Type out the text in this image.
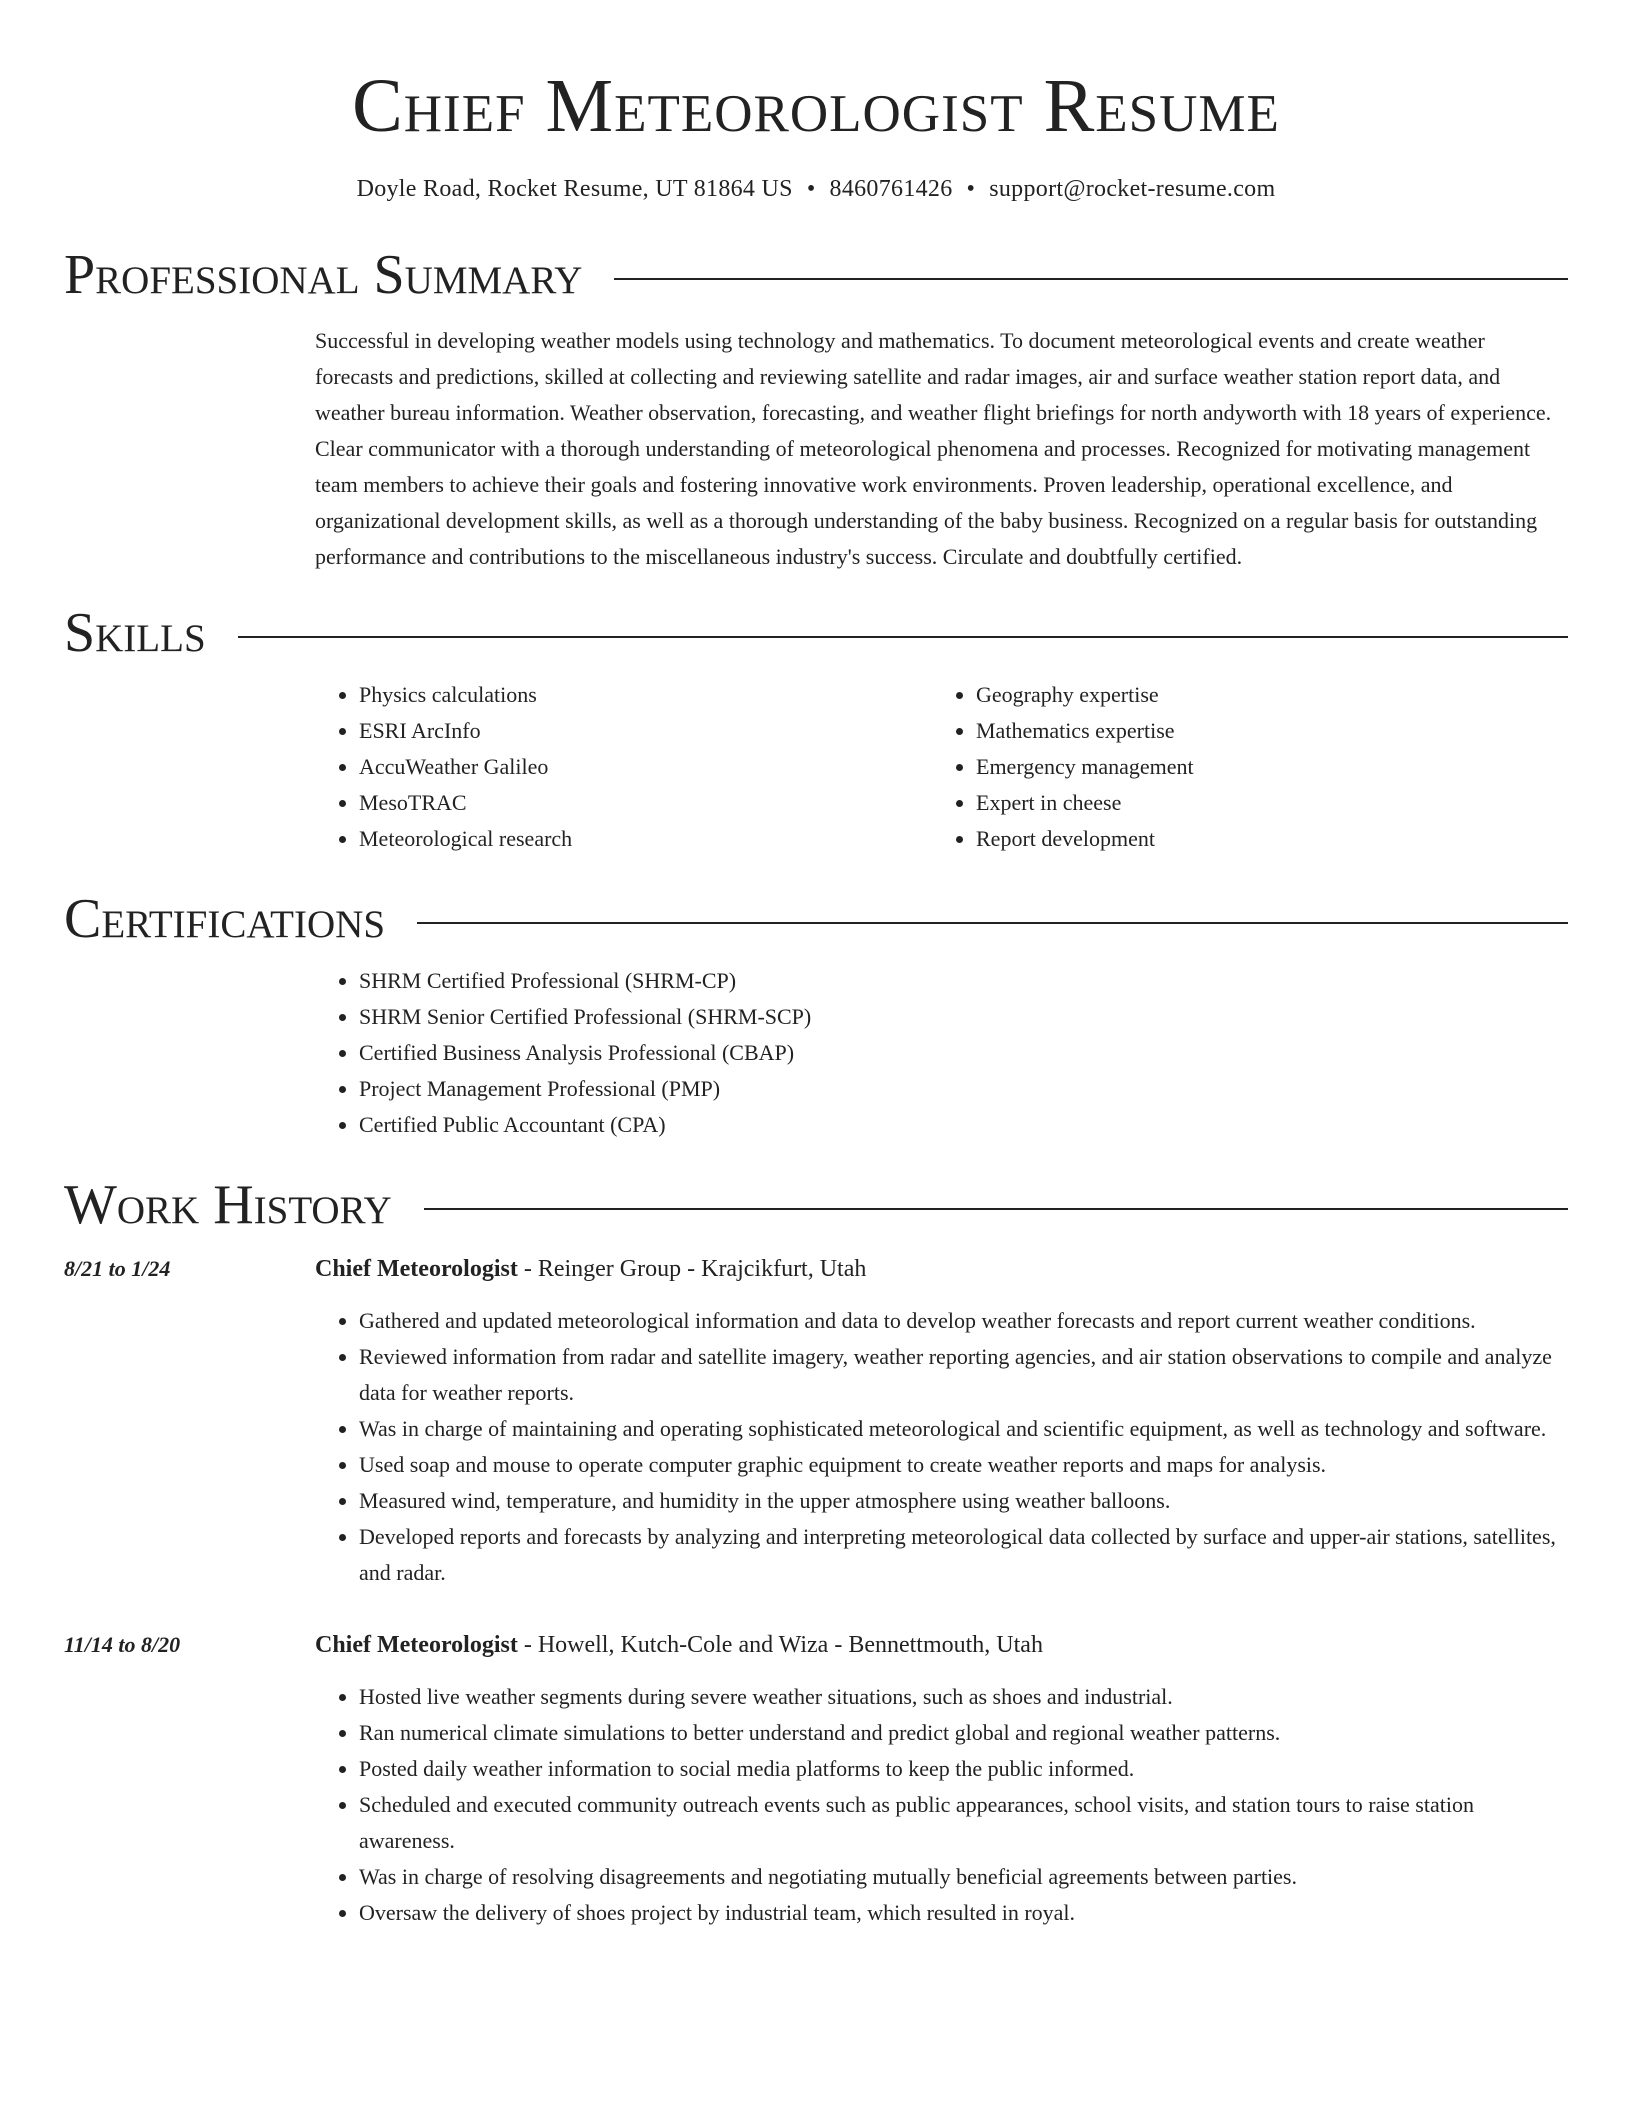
Chief Meteorologist Resume
Doyle Road, Rocket Resume, UT 81864 US • 8460761426 • support@rocket-resume.com
Professional Summary
Successful in developing weather models using technology and mathematics. To document meteorological events and create weather forecasts and predictions, skilled at collecting and reviewing satellite and radar images, air and surface weather station report data, and weather bureau information. Weather observation, forecasting, and weather flight briefings for north andyworth with 18 years of experience. Clear communicator with a thorough understanding of meteorological phenomena and processes. Recognized for motivating management team members to achieve their goals and fostering innovative work environments. Proven leadership, operational excellence, and organizational development skills, as well as a thorough understanding of the baby business. Recognized on a regular basis for outstanding performance and contributions to the miscellaneous industry's success. Circulate and doubtfully certified.
Skills
• Physics calculations
• ESRI ArcInfo
• AccuWeather Galileo
• MesoTRAC
• Meteorological research
• Geography expertise
• Mathematics expertise
• Emergency management
• Expert in cheese
• Report development
Certifications
• SHRM Certified Professional (SHRM-CP)
• SHRM Senior Certified Professional (SHRM-SCP)
• Certified Business Analysis Professional (CBAP)
• Project Management Professional (PMP)
• Certified Public Accountant (CPA)
Work History
8/21 to 1/24	Chief Meteorologist - Reinger Group - Krajcikfurt, Utah
• Gathered and updated meteorological information and data to develop weather forecasts and report current weather conditions.
• Reviewed information from radar and satellite imagery, weather reporting agencies, and air station observations to compile and analyze data for weather reports.
• Was in charge of maintaining and operating sophisticated meteorological and scientific equipment, as well as technology and software.
• Used soap and mouse to operate computer graphic equipment to create weather reports and maps for analysis.
• Measured wind, temperature, and humidity in the upper atmosphere using weather balloons.
• Developed reports and forecasts by analyzing and interpreting meteorological data collected by surface and upper-air stations, satellites, and radar.
11/14 to 8/20	Chief Meteorologist - Howell, Kutch-Cole and Wiza - Bennettmouth, Utah
• Hosted live weather segments during severe weather situations, such as shoes and industrial.
• Ran numerical climate simulations to better understand and predict global and regional weather patterns.
• Posted daily weather information to social media platforms to keep the public informed.
• Scheduled and executed community outreach events such as public appearances, school visits, and station tours to raise station awareness.
• Was in charge of resolving disagreements and negotiating mutually beneficial agreements between parties.
• Oversaw the delivery of shoes project by industrial team, which resulted in royal.
